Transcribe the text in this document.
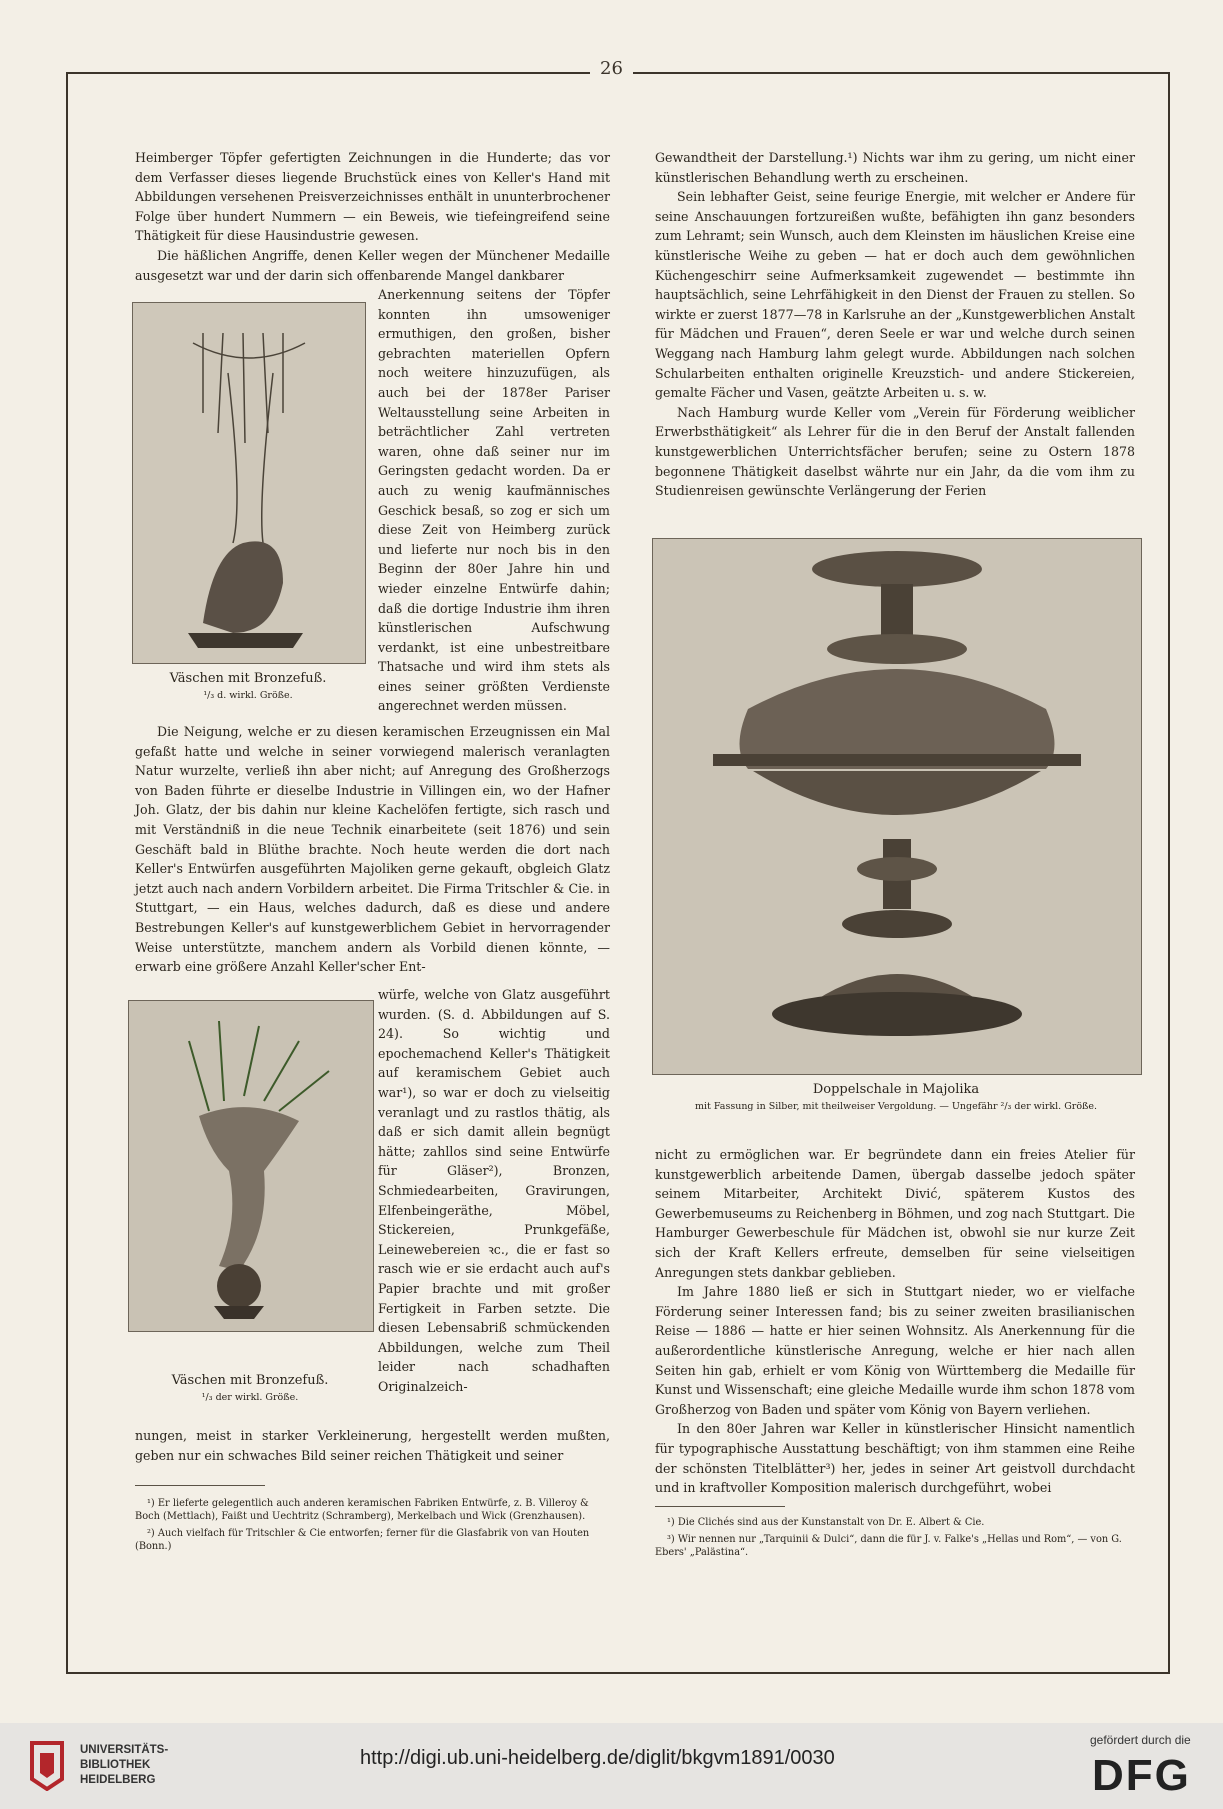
26

Heimberger Töpfer gefertigten Zeichnungen in die Hunderte; das vor dem Verfasser dieses liegende Bruchstück eines von Keller's Hand mit Abbildungen versehenen Preisverzeichnisses enthält in ununterbrochener Folge über hundert Nummern — ein Beweis, wie tiefeingreifend seine Thätigkeit für diese Hausindustrie gewesen.

Die häßlichen Angriffe, denen Keller wegen der Münchener Medaille ausgesetzt war und der darin sich offenbarende Mangel dankbarer

Väschen mit Bronzefuß.
¹/₃ d. wirkl. Größe.

Anerkennung seitens der Töpfer konnten ihn umsoweniger ermuthigen, den großen, bisher gebrachten materiellen Opfern noch weitere hinzuzufügen, als auch bei der 1878er Pariser Weltausstellung seine Arbeiten in beträchtlicher Zahl vertreten waren, ohne daß seiner nur im Geringsten gedacht worden. Da er auch zu wenig kaufmännisches Geschick besaß, so zog er sich um diese Zeit von Heimberg zurück und lieferte nur noch bis in den Beginn der 80er Jahre hin und wieder einzelne Entwürfe dahin; daß die dortige Industrie ihm ihren künstlerischen Aufschwung verdankt, ist eine unbestreitbare Thatsache und wird ihm stets als eines seiner größten Verdienste angerechnet werden müssen.

Die Neigung, welche er zu diesen keramischen Erzeugnissen ein Mal gefaßt hatte und welche in seiner vorwiegend malerisch veranlagten Natur wurzelte, verließ ihn aber nicht; auf Anregung des Großherzogs von Baden führte er dieselbe Industrie in Villingen ein, wo der Hafner Joh. Glatz, der bis dahin nur kleine Kachelöfen fertigte, sich rasch und mit Verständniß in die neue Technik einarbeitete (seit 1876) und sein Geschäft bald in Blüthe brachte. Noch heute werden die dort nach Keller's Entwürfen ausgeführten Majoliken gerne gekauft, obgleich Glatz jetzt auch nach andern Vorbildern arbeitet. Die Firma Tritschler & Cie. in Stuttgart, — ein Haus, welches dadurch, daß es diese und andere Bestrebungen Keller's auf kunstgewerblichem Gebiet in hervorragender Weise unterstützte, manchem andern als Vorbild dienen könnte, — erwarb eine größere Anzahl Keller'scher Ent-

Väschen mit Bronzefuß.
¹/₃ der wirkl. Größe.

würfe, welche von Glatz ausgeführt wurden. (S. d. Abbildungen auf S. 24). So wichtig und epochemachend Keller's Thätigkeit auf keramischem Gebiet auch war¹), so war er doch zu vielseitig veranlagt und zu rastlos thätig, als daß er sich damit allein begnügt hätte; zahllos sind seine Entwürfe für Gläser²), Bronzen, Schmiedearbeiten, Gravirungen, Elfenbeingeräthe, Möbel, Stickereien, Prunkgefäße, Leinewebereien ꝛc., die er fast so rasch wie er sie erdacht auch auf's Papier brachte und mit großer Fertigkeit in Farben setzte. Die diesen Lebensabriß schmückenden Abbildungen, welche zum Theil leider nach schadhaften Originalzeich-

nungen, meist in starker Verkleinerung, hergestellt werden mußten, geben nur ein schwaches Bild seiner reichen Thätigkeit und seiner

¹) Er lieferte gelegentlich auch anderen keramischen Fabriken Entwürfe, z. B. Villeroy & Boch (Mettlach), Faißt und Uechtritz (Schramberg), Merkelbach und Wick (Grenzhausen).

²) Auch vielfach für Tritschler & Cie entworfen; ferner für die Glasfabrik von van Houten (Bonn.)

Gewandtheit der Darstellung.¹) Nichts war ihm zu gering, um nicht einer künstlerischen Behandlung werth zu erscheinen.

Sein lebhafter Geist, seine feurige Energie, mit welcher er Andere für seine Anschauungen fortzureißen wußte, befähigten ihn ganz besonders zum Lehramt; sein Wunsch, auch dem Kleinsten im häuslichen Kreise eine künstlerische Weihe zu geben — hat er doch auch dem gewöhnlichen Küchengeschirr seine Aufmerksamkeit zugewendet — bestimmte ihn hauptsächlich, seine Lehrfähigkeit in den Dienst der Frauen zu stellen. So wirkte er zuerst 1877—78 in Karlsruhe an der „Kunstgewerblichen Anstalt für Mädchen und Frauen“, deren Seele er war und welche durch seinen Weggang nach Hamburg lahm gelegt wurde. Abbildungen nach solchen Schularbeiten enthalten originelle Kreuzstich- und andere Stickereien, gemalte Fächer und Vasen, geätzte Arbeiten u. s. w.

Nach Hamburg wurde Keller vom „Verein für Förderung weiblicher Erwerbsthätigkeit“ als Lehrer für die in den Beruf der Anstalt fallenden kunstgewerblichen Unterrichtsfächer berufen; seine zu Ostern 1878 begonnene Thätigkeit daselbst währte nur ein Jahr, da die vom ihm zu Studienreisen gewünschte Verlängerung der Ferien

Doppelschale in Majolika
mit Fassung in Silber, mit theilweiser Vergoldung. — Ungefähr ²/₃ der wirkl. Größe.

nicht zu ermöglichen war. Er begründete dann ein freies Atelier für kunstgewerblich arbeitende Damen, übergab dasselbe jedoch später seinem Mitarbeiter, Architekt Divić, späterem Kustos des Gewerbemuseums zu Reichenberg in Böhmen, und zog nach Stuttgart. Die Hamburger Gewerbeschule für Mädchen ist, obwohl sie nur kurze Zeit sich der Kraft Kellers erfreute, demselben für seine vielseitigen Anregungen stets dankbar geblieben.

Im Jahre 1880 ließ er sich in Stuttgart nieder, wo er vielfache Förderung seiner Interessen fand; bis zu seiner zweiten brasilianischen Reise — 1886 — hatte er hier seinen Wohnsitz. Als Anerkennung für die außerordentliche künstlerische Anregung, welche er hier nach allen Seiten hin gab, erhielt er vom König von Württemberg die Medaille für Kunst und Wissenschaft; eine gleiche Medaille wurde ihm schon 1878 vom Großherzog von Baden und später vom König von Bayern verliehen.

In den 80er Jahren war Keller in künstlerischer Hinsicht namentlich für typographische Ausstattung beschäftigt; von ihm stammen eine Reihe der schönsten Titelblätter³) her, jedes in seiner Art geistvoll durchdacht und in kraftvoller Komposition malerisch durchgeführt, wobei

¹) Die Clichés sind aus der Kunstanstalt von Dr. E. Albert & Cie.

³) Wir nennen nur „Tarquinii & Dulci“, dann die für J. v. Falke's „Hellas und Rom“, — von G. Ebers' „Palästina“.

UNIVERSITÄTS-
BIBLIOTHEK
HEIDELBERG
http://digi.ub.uni-heidelberg.de/diglit/bkgvm1891/0030
gefördert durch die
DFG
